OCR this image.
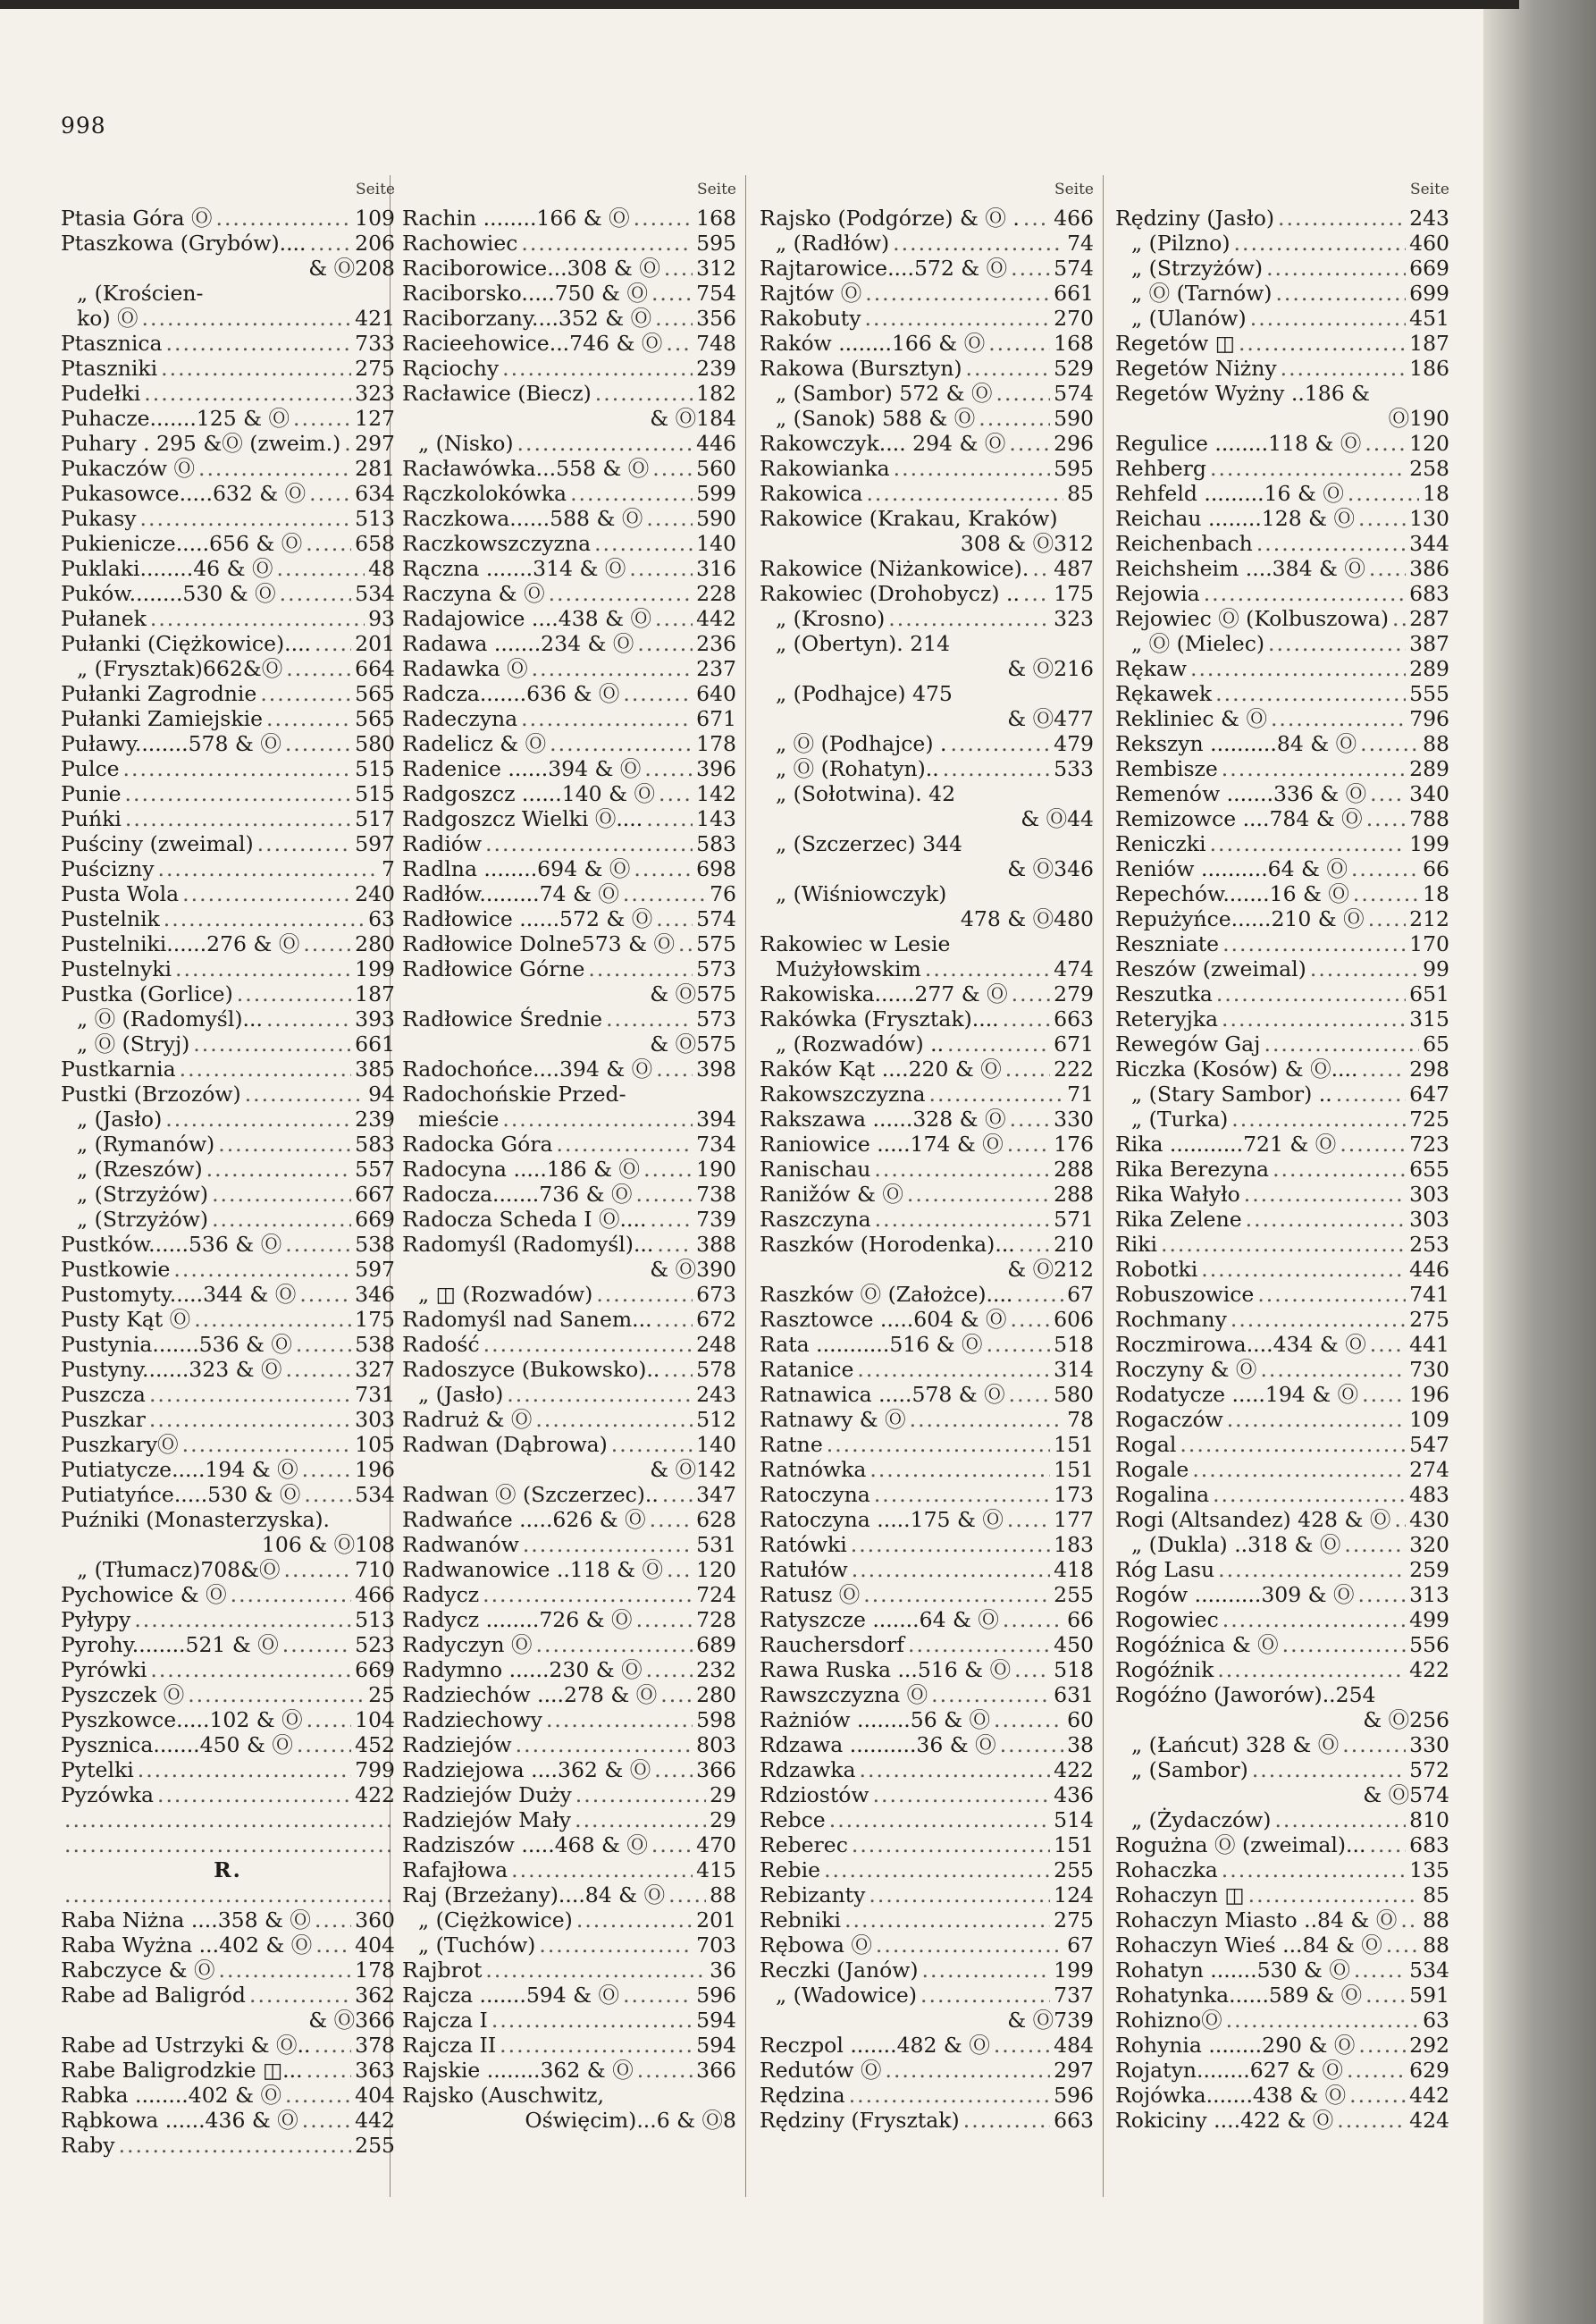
998
Seite
Ptasia Góra Ⓞ .....	109
Ptaszkowa (Grybów).... ..... 206
& Ⓞ 208
„ (Krościen-
ko) Ⓞ .....	421
Ptasznica .....	733
Ptaszniki .....	275
Pudełki .....	323
Puhacze.......125 & Ⓞ .....	127
Puhary . 295 &Ⓞ (zweim.) ..... 297
Pukaczów Ⓞ .....	281
Pukasowce.....632 & Ⓞ ..... 634
Pukasy .....	513
Pukienicze.....656 & Ⓞ .....	658
Puklaki........46 & Ⓞ .....	48
Puków........530 & Ⓞ .....	534
Pułanek .....	93
Pułanki (Ciężkowice).... ..... 201
„ (Frysztak)662&Ⓞ .....	664
Pułanki Zagrodnie .....	565
Pułanki Zamiejskie .....	565
Puławy........578 & Ⓞ .....	580
Pulce .....	515
Punie .....	515
Puńki .....	517
Puściny (zweimal) .....	597
Puścizny .....	7
Pusta Wola .....	240
Pustelnik .....	63
Pustelniki......276 & Ⓞ .....	280
Pustelnyki .....	199
Pustka (Gorlice) .....	187
„ Ⓞ (Radomyśl)... .....	393
„ Ⓞ (Stryj) .....	661
Pustkarnia .....	385
Pustki (Brzozów) .....	94
„ (Jasło) .....	239
„ (Rymanów) .....	583
„ (Rzeszów) .....	557
„ (Strzyżów) .....	667
„ (Strzyżów) .....	669
Pustków......536 & Ⓞ .....	538
Pustkowie .....	597
Pustomyty.....344 & Ⓞ .....	346
Pusty Kąt Ⓞ .....	175
Pustynia.......536 & Ⓞ .....	538
Pustyny.......323 & Ⓞ .....	327
Puszcza .....	731
Puszkar .....	303
PuszkaryⓄ .....	105
Putiatycze.....194 & Ⓞ .....	196
Putiatyńce.....530 & Ⓞ .....	534
Puźniki (Monasterzyska).
106 & Ⓞ 108
„ (Tłumacz)708&Ⓞ .....	710
Pychowice & Ⓞ .....	466
Pyłypy .....	513
Pyrohy........521 & Ⓞ .....	523
Pyrówki .....	669
Pyszczek Ⓞ .....	25
Pyszkowce.....102 & Ⓞ ..... 104
Pysznica.......450 & Ⓞ .....	452
Pytelki .....	799
Pyzówka .....	422
.....
.....
R.
.....
Raba Niżna ....358 & Ⓞ ..... 360
Raba Wyżna ...402 & Ⓞ ..... 404
Rabczyce & Ⓞ .....	178
Rabe ad Baligród .....	362
& Ⓞ 366
Rabe ad Ustrzyki & Ⓞ.. ..... 378
Rabe Baligrodzkie ◫... ..... 363
Rabka ........402 & Ⓞ .....	404
Rąbkowa ......436 & Ⓞ .....	442
Raby .....	255
Seite
Rachin ........166 & Ⓞ .....	168
Rachowiec .....	595
Raciborowice...308 & Ⓞ ..... 312
Raciborsko.....750 & Ⓞ ..... 754
Raciborzany....352 & Ⓞ ..... 356
Racieehowice...746 & Ⓞ ..... 748
Rąciochy .....	239
Racławice (Biecz) .....	182
& Ⓞ 184
„ (Nisko) .....	446
Racławówka...558 & Ⓞ ..... 560
Rączkolokówka .....	599
Raczkowa......588 & Ⓞ .....	590
Raczkowszczyzna .....	140
Rączna .......314 & Ⓞ .....	316
Raczyna & Ⓞ .....	228
Radajowice ....438 & Ⓞ ..... 442
Radawa .......234 & Ⓞ .....	236
Radawka Ⓞ .....	237
Radcza.......636 & Ⓞ .....	640
Radeczyna .....	671
Radelicz & Ⓞ .....	178
Radenice ......394 & Ⓞ .....	396
Radgoszcz ......140 & Ⓞ ..... 142
Radgoszcz Wielki Ⓞ.... .....	143
Radiów .....	583
Radlna ........694 & Ⓞ .....	698
Radłów.........74 & Ⓞ .....	76
Radłowice ......572 & Ⓞ ..... 574
Radłowice Dolne573 & Ⓞ ..... 575
Radłowice Górne .....	573
& Ⓞ 575
Radłowice Średnie .....	573
& Ⓞ 575
Radochońce....394 & Ⓞ ..... 398
Radochońskie Przed-
mieście .....	394
Radocka Góra .....	734
Radocyna .....186 & Ⓞ .....	190
Radocza.......736 & Ⓞ .....	738
Radocza Scheda I Ⓞ.... ..... 739
Radomyśl (Radomyśl)... ..... 388
& Ⓞ 390
„ ◫ (Rozwadów) .....	673
Radomyśl nad Sanem... ..... 672
Radość .....	248
Radoszyce (Bukowsko).. ..... 578
„ (Jasło) .....	243
Radruż & Ⓞ .....	512
Radwan (Dąbrowa) .....	140
& Ⓞ 142
Radwan Ⓞ (Szczerzec).. ..... 347
Radwańce .....626 & Ⓞ ..... 628
Radwanów .....	531
Radwanowice ..118 & Ⓞ ..... 120
Radycz .....	724
Radycz ........726 & Ⓞ .....	728
Radyczyn Ⓞ .....	689
Radymno ......230 & Ⓞ .....	232
Radziechów ....278 & Ⓞ ..... 280
Radziechowy .....	598
Radziejów .....	803
Radziejowa ....362 & Ⓞ ..... 366
Radziejów Duży .....	29
Radziejów Mały .....	29
Radziszów .....468 & Ⓞ ..... 470
Rafajłowa .....	415
Raj (Brzeżany)....84 & Ⓞ ..... 88
„ (Ciężkowice) .....	201
„ (Tuchów) .....	703
Rajbrot .....	36
Rajcza .......594 & Ⓞ .....	596
Rajcza I .....	594
Rajcza II .....	594
Rajskie ........362 & Ⓞ .....	366
Rajsko (Auschwitz,
Oświęcim)...6 & Ⓞ 8
Seite
Rajsko (Podgórze) & Ⓞ . ..... 466
„ (Radłów) .....	74
Rajtarowice....572 & Ⓞ ..... 574
Rajtów Ⓞ .....	661
Rakobuty .....	270
Raków ........166 & Ⓞ .....	168
Rakowa (Bursztyn) .....	529
„ (Sambor) 572 & Ⓞ .....	574
„ (Sanok) 588 & Ⓞ .....	590
Rakowczyk.... 294 & Ⓞ ..... 296
Rakowianka .....	595
Rakowica .....	85
Rakowice (Krakau, Kraków)
308 & Ⓞ 312
Rakowice (Niżankowice). ..... 487
Rakowiec (Drohobycz) .. ..... 175
„ (Krosno) .....	323
„ (Obertyn). 214
& Ⓞ 216
„ (Podhajce) 475
& Ⓞ 477
„ Ⓞ (Podhajce) . .....	479
„ Ⓞ (Rohatyn).. .....	533
„ (Sołotwina). 42
& Ⓞ 44
„ (Szczerzec) 344
& Ⓞ 346
„ (Wiśniowczyk)
478 & Ⓞ 480
Rakowiec w Lesie
Mużyłowskim .....	474
Rakowiska......277 & Ⓞ ..... 279
Rakówka (Frysztak).... .....	663
„ (Rozwadów) .. .....	671
Raków Kąt ....220 & Ⓞ ..... 222
Rakowszczyzna .....	71
Rakszawa ......328 & Ⓞ ..... 330
Raniowice .....174 & Ⓞ ..... 176
Ranischau .....	288
Ranižów & Ⓞ .....	288
Raszczyna .....	571
Raszków (Horodenka)... ..... 210
& Ⓞ 212
Raszków Ⓞ (Założce).... .....	67
Rasztowce .....604 & Ⓞ ..... 606
Rata ...........516 & Ⓞ .....	518
Ratanice .....	314
Ratnawica .....578 & Ⓞ ..... 580
Ratnawy & Ⓞ .....	78
Ratne .....	151
Ratnówka .....	151
Ratoczyna .....	173
Ratoczyna .....175 & Ⓞ ..... 177
Ratówki .....	183
Ratułów .....	418
Ratusz Ⓞ .....	255
Ratyszcze .......64 & Ⓞ .....	66
Rauchersdorf .....	450
Rawa Ruska ...516 & Ⓞ ..... 518
Rawszczyzna Ⓞ .....	631
Rażniów ........56 & Ⓞ .....	60
Rdzawa ..........36 & Ⓞ .....	38
Rdzawka .....	422
Rdziostów .....	436
Rebce .....	514
Reberec .....	151
Rebie .....	255
Rebizanty .....	124
Rebniki .....	275
Rębowa Ⓞ .....	67
Reczki (Janów) .....	199
„ (Wadowice) .....	737
& Ⓞ 739
Reczpol .......482 & Ⓞ .....	484
Redutów Ⓞ .....	297
Rędzina .....	596
Rędziny (Frysztak) .....	663
Seite
Rędziny (Jasło) .....	243
„ (Pilzno) .....	460
„ (Strzyżów) .....	669
„ Ⓞ (Tarnów) .....	699
„ (Ulanów) .....	451
Regetów ◫ .....	187
Regetów Niżny .....	186
Regetów Wyżny ..186 &
Ⓞ 190
Regulice ........118 & Ⓞ ..... 120
Rehberg .....	258
Rehfeld .........16 & Ⓞ .....	18
Reichau ........128 & Ⓞ .....	130
Reichenbach .....	344
Reichsheim ....384 & Ⓞ ..... 386
Rejowia .....	683
Rejowiec Ⓞ (Kolbuszowa) ..... 287
„ Ⓞ (Mielec) .....	387
Rękaw .....	289
Rękawek .....	555
Rekliniec & Ⓞ .....	796
Rekszyn ..........84 & Ⓞ .....	88
Rembisze .....	289
Remenów .......336 & Ⓞ ..... 340
Remizowce ....784 & Ⓞ ..... 788
Reniczki .....	199
Reniów ..........64 & Ⓞ .....	66
Repechów.......16 & Ⓞ .....	18
Repużyńce......210 & Ⓞ ..... 212
Reszniate .....	170
Reszów (zweimal) .....	99
Reszutka .....	651
Reteryjka .....	315
Rewegów Gaj .....	65
Riczka (Kosów) & Ⓞ.... ..... 298
„ (Stary Sambor) .. .....	647
„ (Turka) .....	725
Rika ...........721 & Ⓞ .....	723
Rika Berezyna .....	655
Rika Wałyło .....	303
Rika Zelene .....	303
Riki .....	253
Robotki .....	446
Robuszowice .....	741
Rochmany .....	275
Roczmirowa....434 & Ⓞ ..... 441
Roczyny & Ⓞ .....	730
Rodatycze .....194 & Ⓞ ..... 196
Rogaczów .....	109
Rogal .....	547
Rogale .....	274
Rogalina .....	483
Rogi (Altsandez) 428 & Ⓞ ..... 430
„ (Dukla) ..318 & Ⓞ .....	320
Róg Lasu .....	259
Rogów ..........309 & Ⓞ .....	313
Rogowiec .....	499
Rogóźnica & Ⓞ .....	556
Rogóźnik .....	422
Rogóźno (Jaworów)..254
& Ⓞ 256
„ (Łańcut) 328 & Ⓞ .....	330
„ (Sambor) .....	572
& Ⓞ 574
„ (Żydaczów) .....	810
Rogużna Ⓞ (zweimal)... ..... 683
Rohaczka .....	135
Rohaczyn ◫ .....	85
Rohaczyn Miasto ..84 & Ⓞ ..... 88
Rohaczyn Wieś ...84 & Ⓞ ..... 88
Rohatyn .......530 & Ⓞ .....	534
Rohatynka......589 & Ⓞ ..... 591
RohiznoⓄ .....	63
Rohynia ........290 & Ⓞ .....	292
Rojatyn........627 & Ⓞ .....	629
Rojówka.......438 & Ⓞ .....	442
Rokiciny ....422 & Ⓞ .....	424
